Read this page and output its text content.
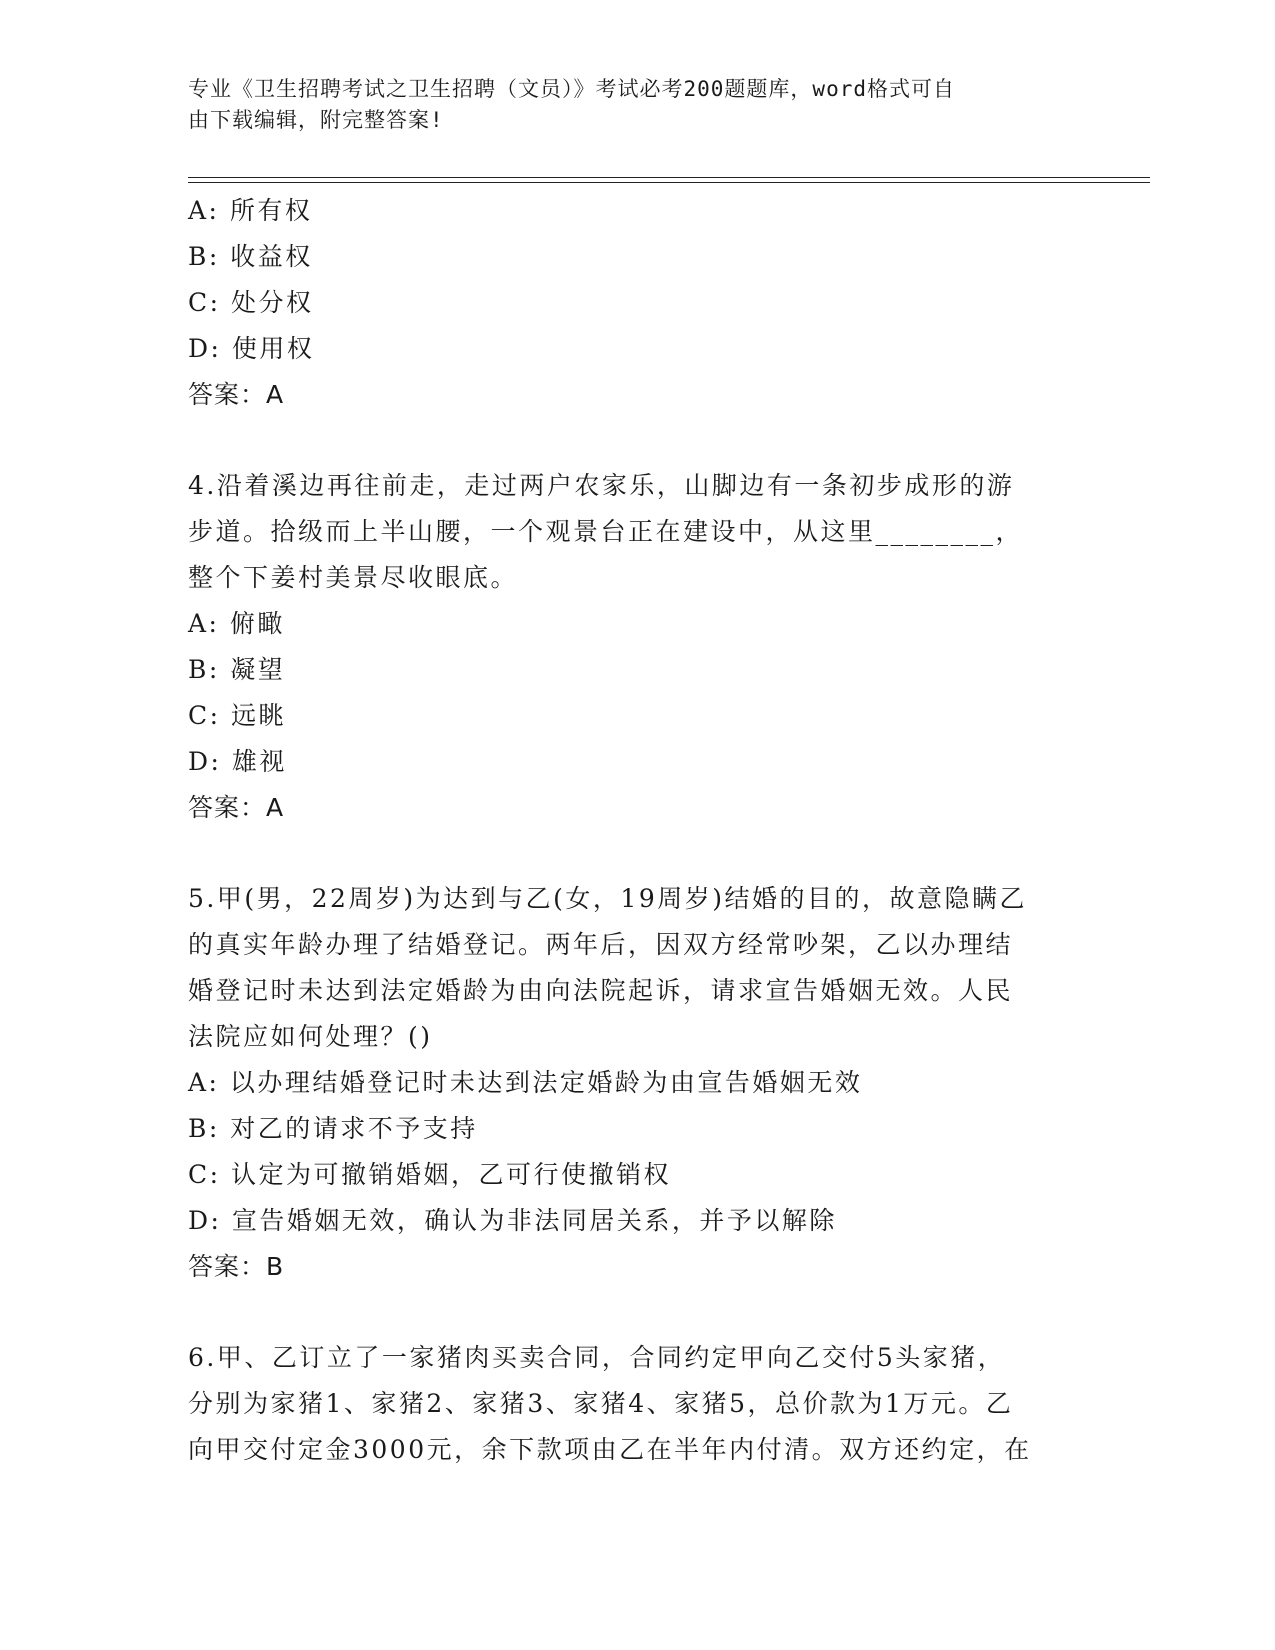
专业《卫生招聘考试之卫生招聘（文员）》考试必考200题题库，word格式可自
由下载编辑，附完整答案!
A: 所有权
B: 收益权
C: 处分权
D: 使用权
答案：A
4.沿着溪边再往前走，走过两户农家乐，山脚边有一条初步成形的游
步道。拾级而上半山腰，一个观景台正在建设中，从这里________，
整个下姜村美景尽收眼底。
A: 俯瞰
B: 凝望
C: 远眺
D: 雄视
答案：A
5.甲(男，22周岁)为达到与乙(女，19周岁)结婚的目的，故意隐瞒乙
的真实年龄办理了结婚登记。两年后，因双方经常吵架，乙以办理结
婚登记时未达到法定婚龄为由向法院起诉，请求宣告婚姻无效。人民
法院应如何处理？()
A: 以办理结婚登记时未达到法定婚龄为由宣告婚姻无效
B: 对乙的请求不予支持
C: 认定为可撤销婚姻，乙可行使撤销权
D: 宣告婚姻无效，确认为非法同居关系，并予以解除
答案：B
6.甲、乙订立了一家猪肉买卖合同，合同约定甲向乙交付5头家猪，
分别为家猪1、家猪2、家猪3、家猪4、家猪5，总价款为1万元。乙
向甲交付定金3000元，余下款项由乙在半年内付清。双方还约定，在
